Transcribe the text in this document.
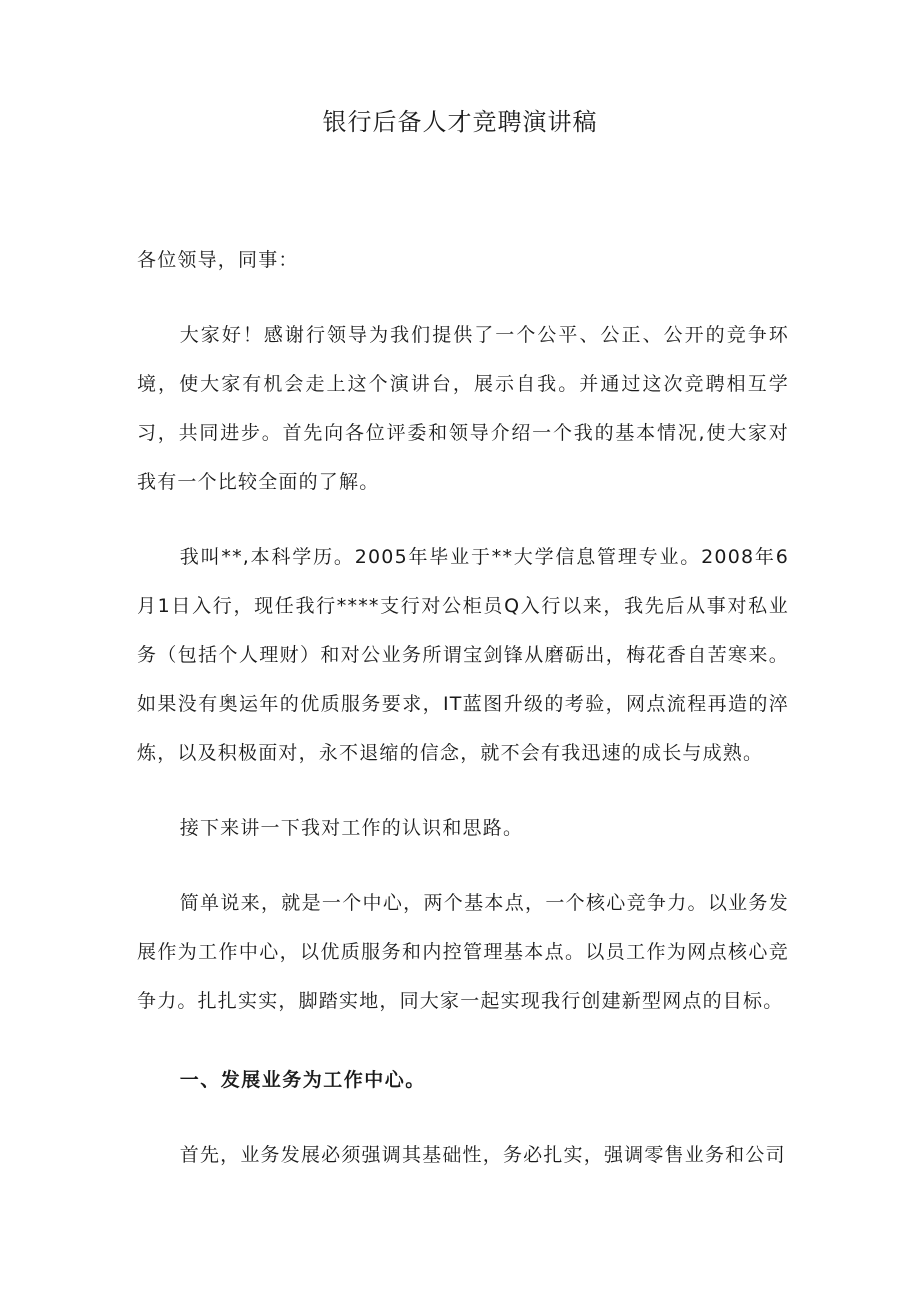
银行后备人才竞聘演讲稿

各位领导，同事：

大家好！感谢行领导为我们提供了一个公平、公正、公开的竞争环境，使大家有机会走上这个演讲台，展示自我。并通过这次竞聘相互学习，共同进步。首先向各位评委和领导介绍一个我的基本情况,使大家对我有一个比较全面的了解。

我叫**,本科学历。2005年毕业于**大学信息管理专业。2008年6月1日入行，现任我行****支行对公柜员Q入行以来，我先后从事对私业务（包括个人理财）和对公业务所谓宝剑锋从磨砺出，梅花香自苦寒来。如果没有奥运年的优质服务要求，IT蓝图升级的考验，网点流程再造的淬炼，以及积极面对，永不退缩的信念，就不会有我迅速的成长与成熟。

接下来讲一下我对工作的认识和思路。

简单说来，就是一个中心，两个基本点，一个核心竞争力。以业务发展作为工作中心，以优质服务和内控管理基本点。以员工作为网点核心竞争力。扎扎实实，脚踏实地，同大家一起实现我行创建新型网点的目标。

一、发展业务为工作中心。

首先，业务发展必须强调其基础性，务必扎实，强调零售业务和公司
